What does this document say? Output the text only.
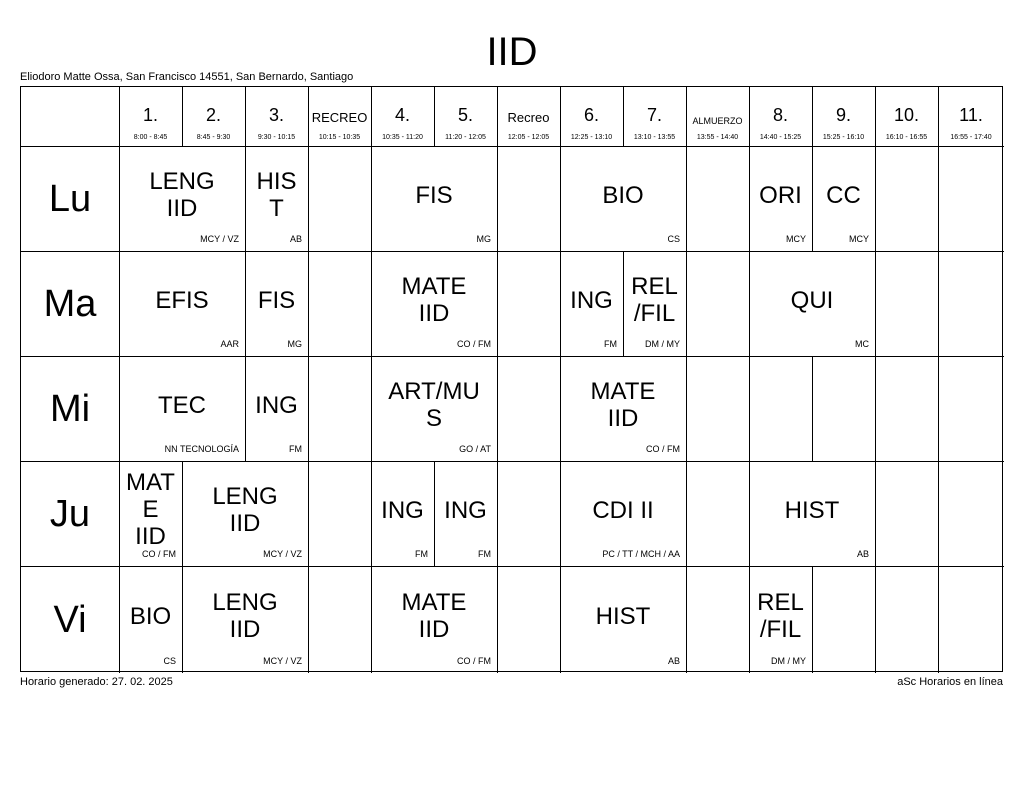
IID
Eliodoro Matte Ossa, San Francisco 14551, San Bernardo, Santiago
1.
8:00 - 8:45
2.
8:45 - 9:30
3.
9:30 - 10:15
RECREO
10:15 - 10:35
4.
10:35 - 11:20
5.
11:20 - 12:05
Recreo
12:05 - 12:05
6.
12:25 - 13:10
7.
13:10 - 13:55
ALMUERZO
13:55 - 14:40
8.
14:40 - 15:25
9.
15:25 - 16:10
10.
16:10 - 16:55
11.
16:55 - 17:40
Lu
Ma
Mi
Ju
Vi
LENG
IID
MCY / VZ
HIS
T
AB
FIS
MG
BIO
CS
ORI
MCY
CC
MCY
EFIS
AAR
FIS
MG
MATE
IID
CO / FM
ING
FM
REL
/FIL
DM / MY
QUI
MC
TEC
NN TECNOLOGÍA
ING
FM
ART/MU
S
GO / AT
MATE
IID
CO / FM
MAT
E
IID
CO / FM
LENG
IID
MCY / VZ
ING
FM
ING
FM
CDI II
PC / TT / MCH / AA
HIST
AB
BIO
CS
LENG
IID
MCY / VZ
MATE
IID
CO / FM
HIST
AB
REL
/FIL
DM / MY
Horario generado: 27. 02. 2025	aSc Horarios en línea
